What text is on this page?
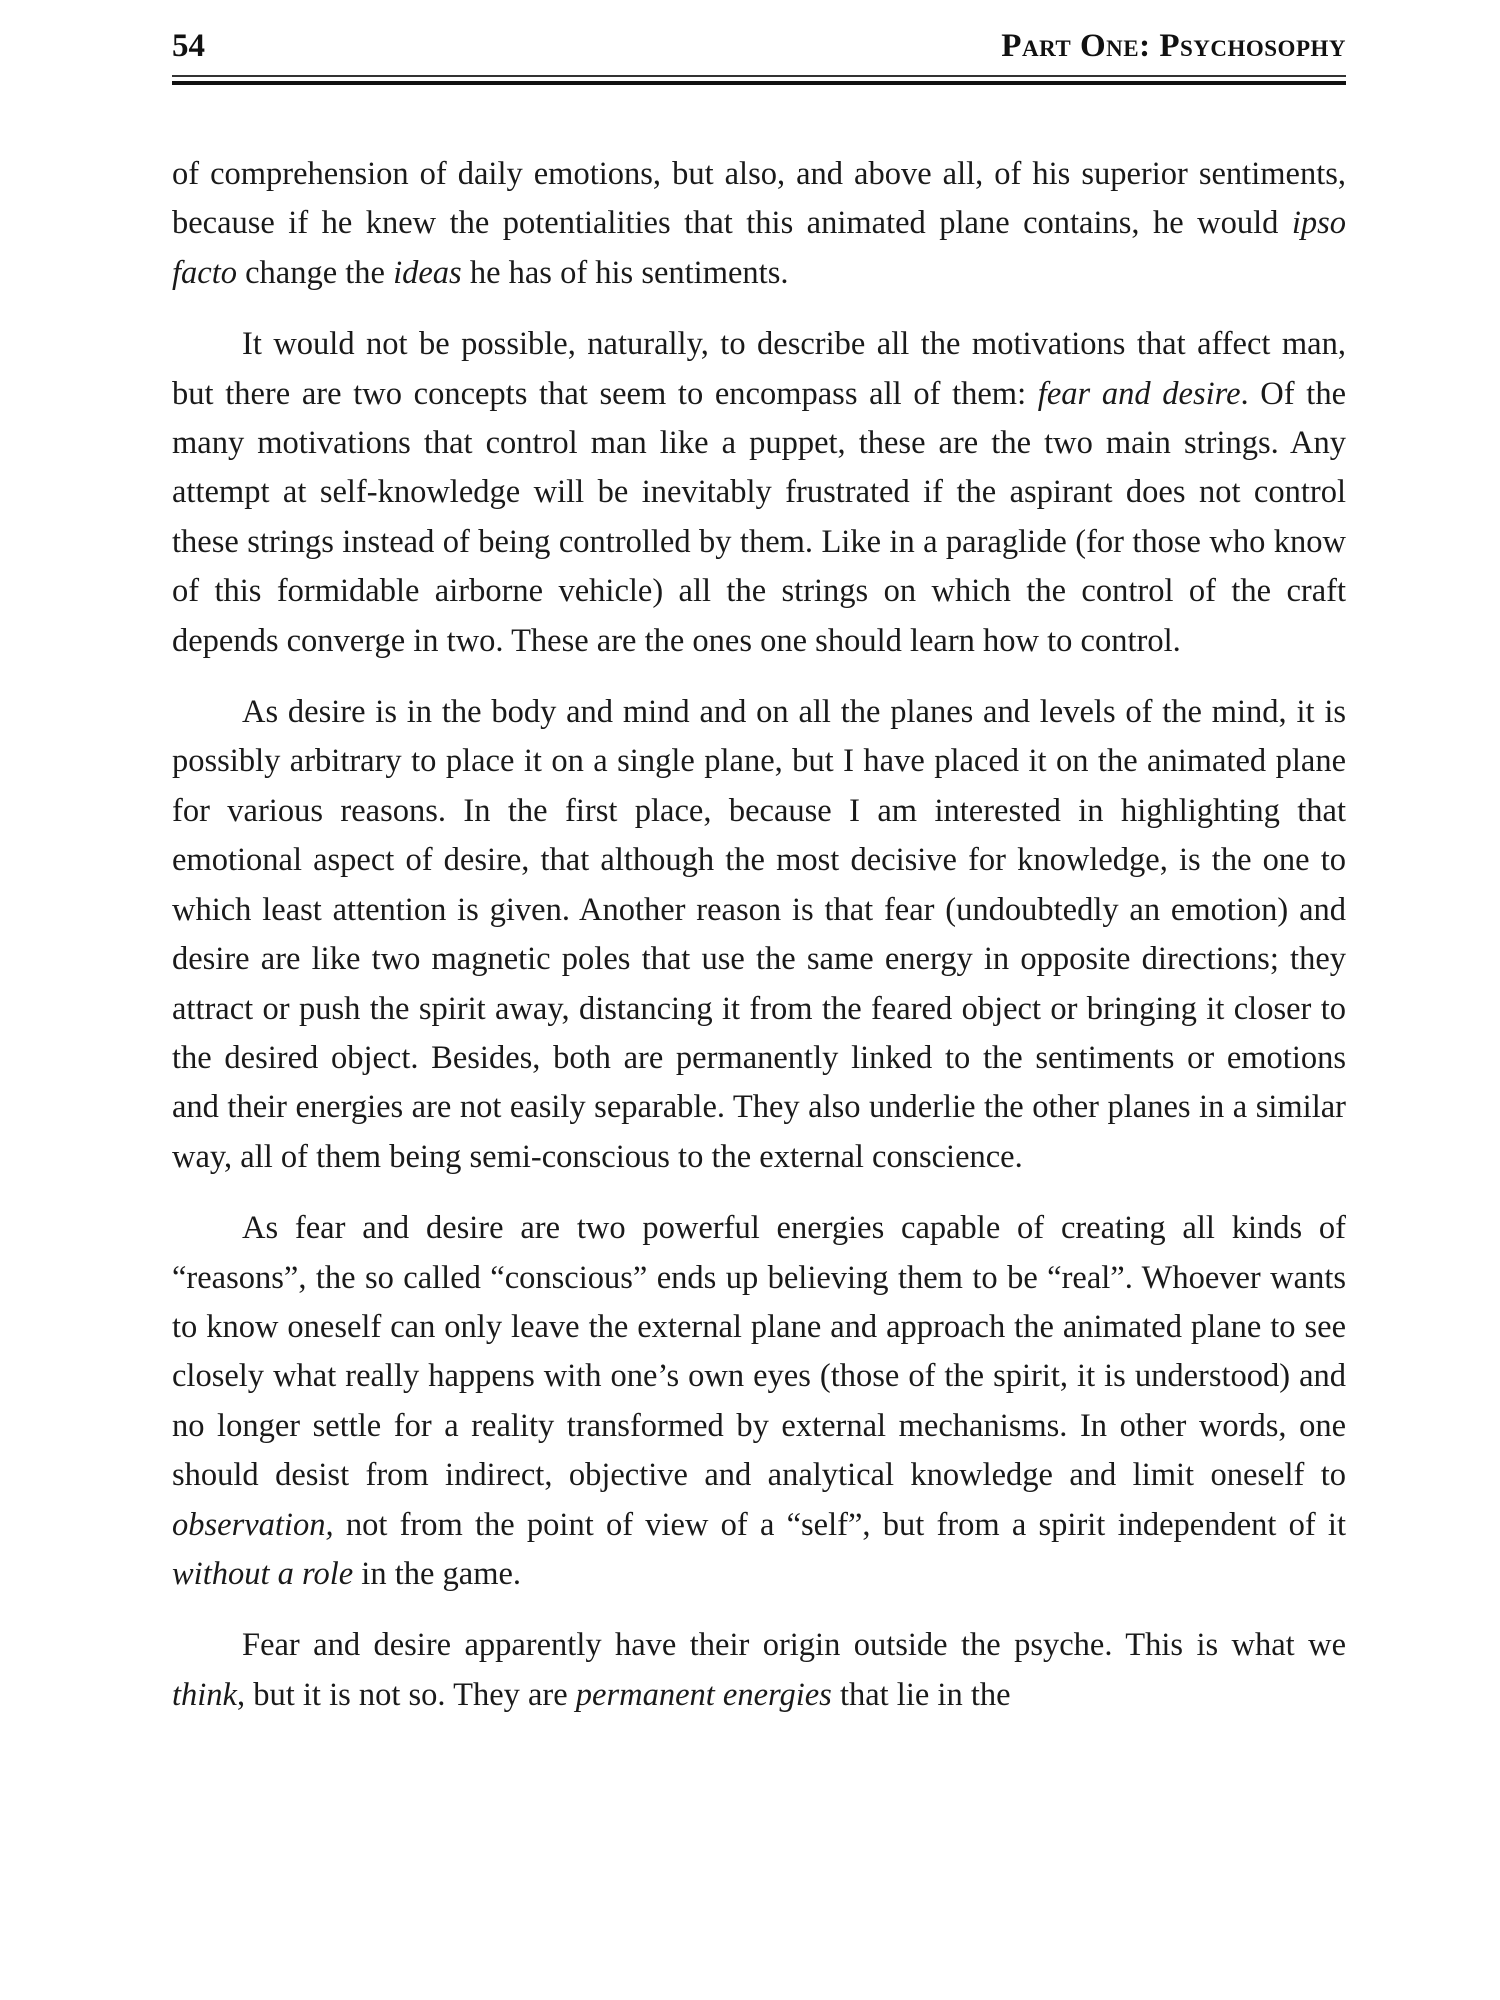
54	Part One: Psychosophy

of comprehension of daily emotions, but also, and above all, of his superior sentiments, because if he knew the potentialities that this animated plane contains, he would ipso facto change the ideas he has of his sentiments.

It would not be possible, naturally, to describe all the motivations that affect man, but there are two concepts that seem to encompass all of them: fear and desire. Of the many motivations that control man like a puppet, these are the two main strings. Any attempt at self-knowledge will be inevitably frustrated if the aspirant does not control these strings instead of being controlled by them. Like in a paraglide (for those who know of this formidable airborne vehicle) all the strings on which the control of the craft depends converge in two. These are the ones one should learn how to control.

As desire is in the body and mind and on all the planes and levels of the mind, it is possibly arbitrary to place it on a single plane, but I have placed it on the animated plane for various reasons. In the first place, because I am interested in highlighting that emotional aspect of desire, that although the most decisive for knowledge, is the one to which least attention is given. Another reason is that fear (undoubtedly an emotion) and desire are like two magnetic poles that use the same energy in opposite directions; they attract or push the spirit away, distancing it from the feared object or bringing it closer to the desired object. Besides, both are permanently linked to the sentiments or emotions and their energies are not easily separable. They also underlie the other planes in a similar way, all of them being semi-conscious to the external conscience.

As fear and desire are two powerful energies capable of creating all kinds of “reasons”, the so called “conscious” ends up believing them to be “real”. Whoever wants to know oneself can only leave the external plane and approach the animated plane to see closely what really happens with one’s own eyes (those of the spirit, it is understood) and no longer settle for a reality transformed by external mechanisms. In other words, one should desist from indirect, objective and analytical knowledge and limit oneself to observation, not from the point of view of a “self”, but from a spirit independent of it without a role in the game.

Fear and desire apparently have their origin outside the psyche. This is what we think, but it is not so. They are permanent energies that lie in the
